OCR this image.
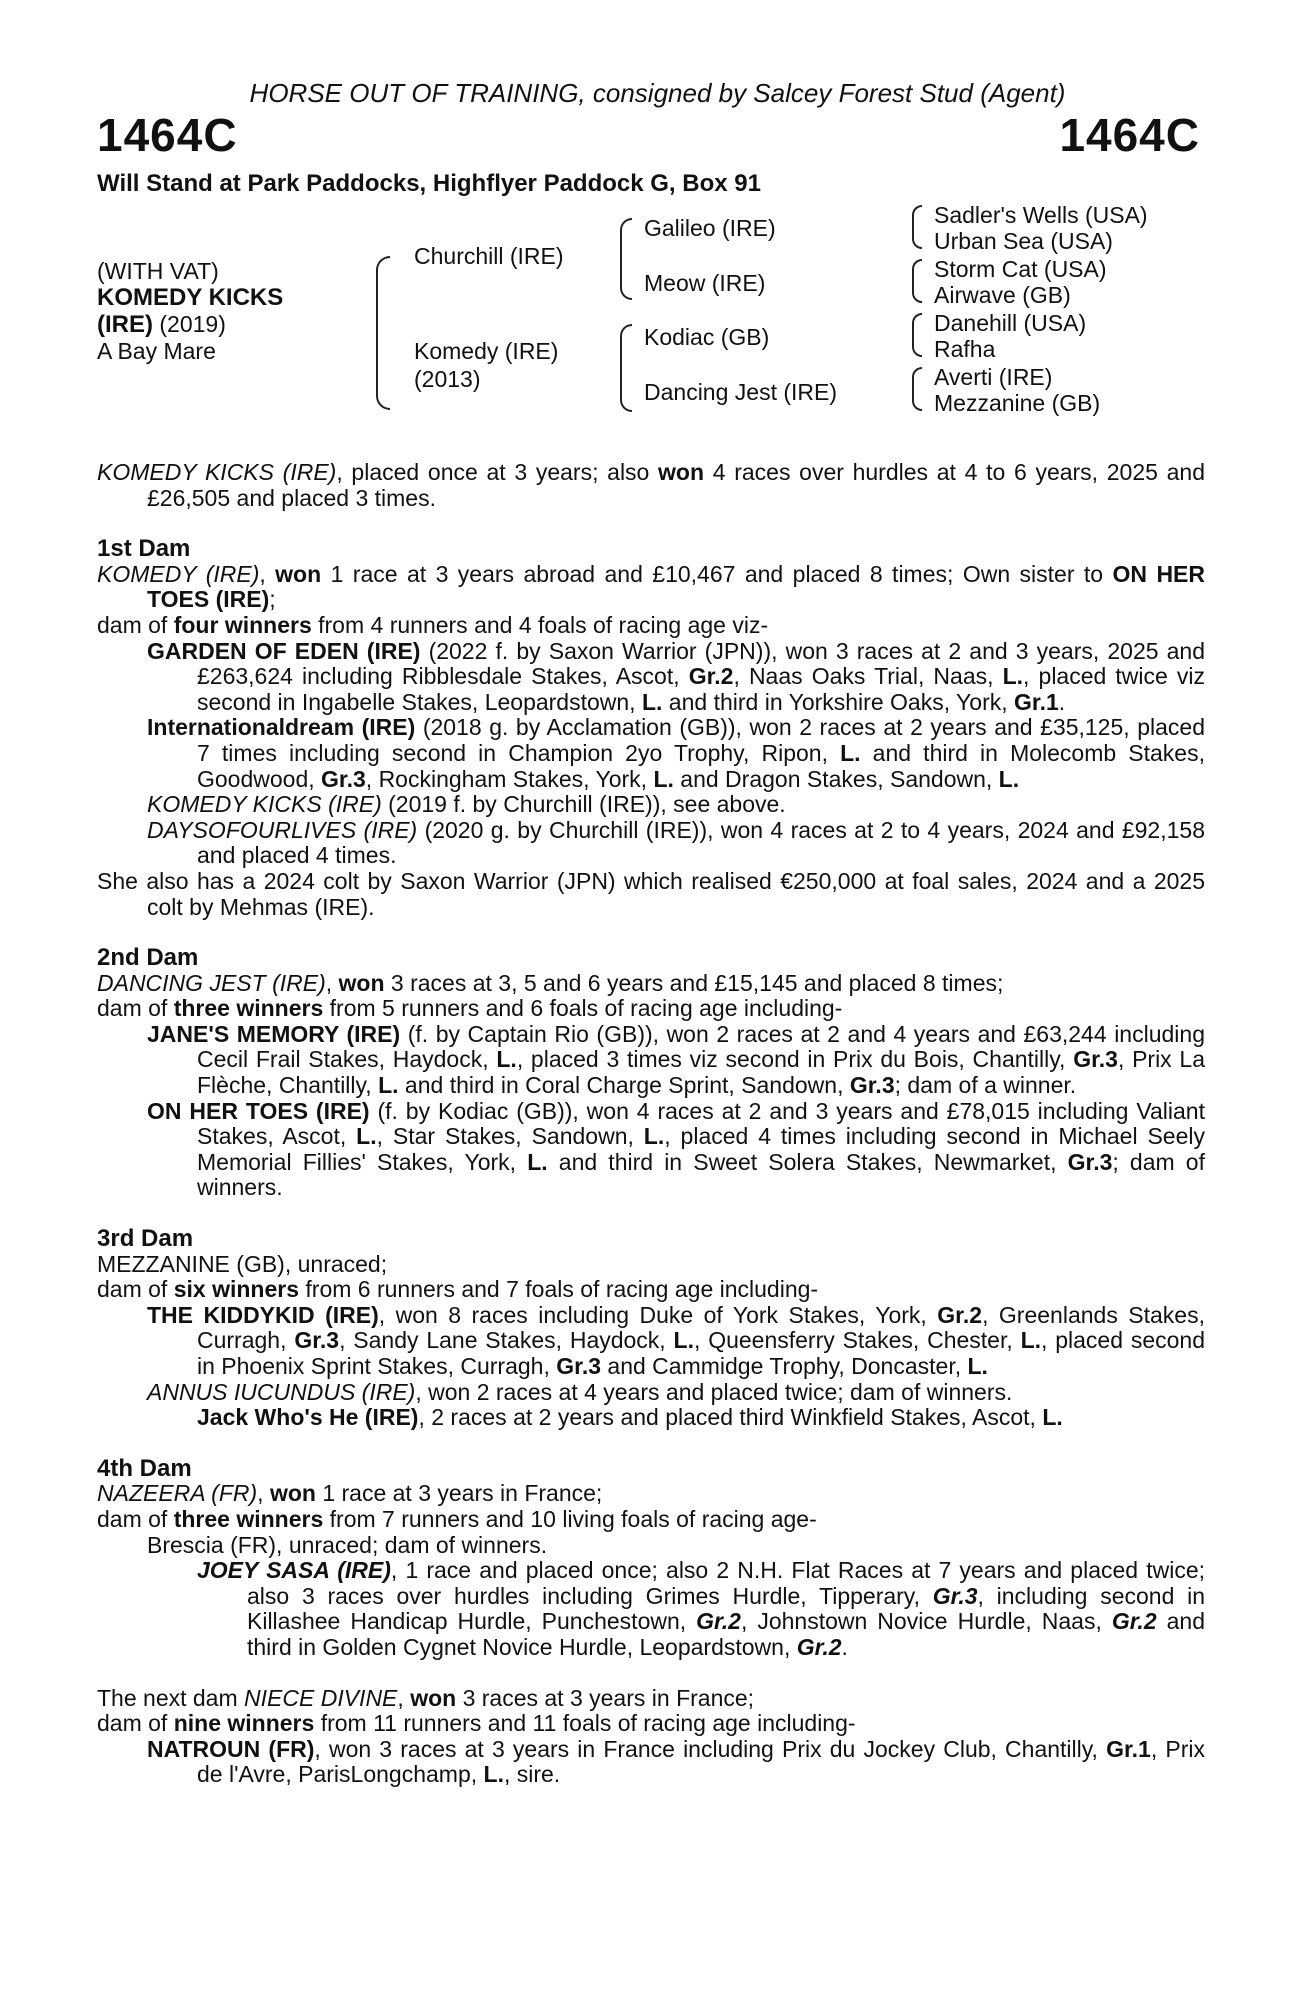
HORSE OUT OF TRAINING, consigned by Salcey Forest Stud (Agent)
1464C	1464C
Will Stand at Park Paddocks, Highflyer Paddock G, Box 91
(WITH VAT)
KOMEDY KICKS
(IRE) (2019)
A Bay Mare
Churchill (IRE)
Komedy (IRE)
(2013)
Galileo (IRE)
Meow (IRE)
Kodiac (GB)
Dancing Jest (IRE)
Sadler's Wells (USA)
Urban Sea (USA)
Storm Cat (USA)
Airwave (GB)
Danehill (USA)
Rafha
Averti (IRE)
Mezzanine (GB)

KOMEDY KICKS (IRE), placed once at 3 years; also won 4 races over hurdles at 4 to 6 years, 2025 and £26,505 and placed 3 times.

1st Dam

KOMEDY (IRE), won 1 race at 3 years abroad and £10,467 and placed 8 times; Own sister to ON HER TOES (IRE);

dam of four winners from 4 runners and 4 foals of racing age viz-

GARDEN OF EDEN (IRE) (2022 f. by Saxon Warrior (JPN)), won 3 races at 2 and 3 years, 2025 and £263,624 including Ribblesdale Stakes, Ascot, Gr.2, Naas Oaks Trial, Naas, L., placed twice viz second in Ingabelle Stakes, Leopardstown, L. and third in Yorkshire Oaks, York, Gr.1.

Internationaldream (IRE) (2018 g. by Acclamation (GB)), won 2 races at 2 years and £35,125, placed 7 times including second in Champion 2yo Trophy, Ripon, L. and third in Molecomb Stakes, Goodwood, Gr.3, Rockingham Stakes, York, L. and Dragon Stakes, Sandown, L.

KOMEDY KICKS (IRE) (2019 f. by Churchill (IRE)), see above.

DAYSOFOURLIVES (IRE) (2020 g. by Churchill (IRE)), won 4 races at 2 to 4 years, 2024 and £92,158 and placed 4 times.

She also has a 2024 colt by Saxon Warrior (JPN) which realised €250,000 at foal sales, 2024 and a 2025 colt by Mehmas (IRE).

2nd Dam

DANCING JEST (IRE), won 3 races at 3, 5 and 6 years and £15,145 and placed 8 times;

dam of three winners from 5 runners and 6 foals of racing age including-

JANE'S MEMORY (IRE) (f. by Captain Rio (GB)), won 2 races at 2 and 4 years and £63,244 including Cecil Frail Stakes, Haydock, L., placed 3 times viz second in Prix du Bois, Chantilly, Gr.3, Prix La Flèche, Chantilly, L. and third in Coral Charge Sprint, Sandown, Gr.3; dam of a winner.

ON HER TOES (IRE) (f. by Kodiac (GB)), won 4 races at 2 and 3 years and £78,015 including Valiant Stakes, Ascot, L., Star Stakes, Sandown, L., placed 4 times including second in Michael Seely Memorial Fillies' Stakes, York, L. and third in Sweet Solera Stakes, Newmarket, Gr.3; dam of winners.

3rd Dam

MEZZANINE (GB), unraced;

dam of six winners from 6 runners and 7 foals of racing age including-

THE KIDDYKID (IRE), won 8 races including Duke of York Stakes, York, Gr.2, Greenlands Stakes, Curragh, Gr.3, Sandy Lane Stakes, Haydock, L., Queensferry Stakes, Chester, L., placed second in Phoenix Sprint Stakes, Curragh, Gr.3 and Cammidge Trophy, Doncaster, L.

ANNUS IUCUNDUS (IRE), won 2 races at 4 years and placed twice; dam of winners.

Jack Who's He (IRE), 2 races at 2 years and placed third Winkfield Stakes, Ascot, L.

4th Dam

NAZEERA (FR), won 1 race at 3 years in France;

dam of three winners from 7 runners and 10 living foals of racing age-

Brescia (FR), unraced; dam of winners.

JOEY SASA (IRE), 1 race and placed once; also 2 N.H. Flat Races at 7 years and placed twice; also 3 races over hurdles including Grimes Hurdle, Tipperary, Gr.3, including second in Killashee Handicap Hurdle, Punchestown, Gr.2, Johnstown Novice Hurdle, Naas, Gr.2 and third in Golden Cygnet Novice Hurdle, Leopardstown, Gr.2.

The next dam NIECE DIVINE, won 3 races at 3 years in France;

dam of nine winners from 11 runners and 11 foals of racing age including-

NATROUN (FR), won 3 races at 3 years in France including Prix du Jockey Club, Chantilly, Gr.1, Prix de l'Avre, ParisLongchamp, L., sire.
